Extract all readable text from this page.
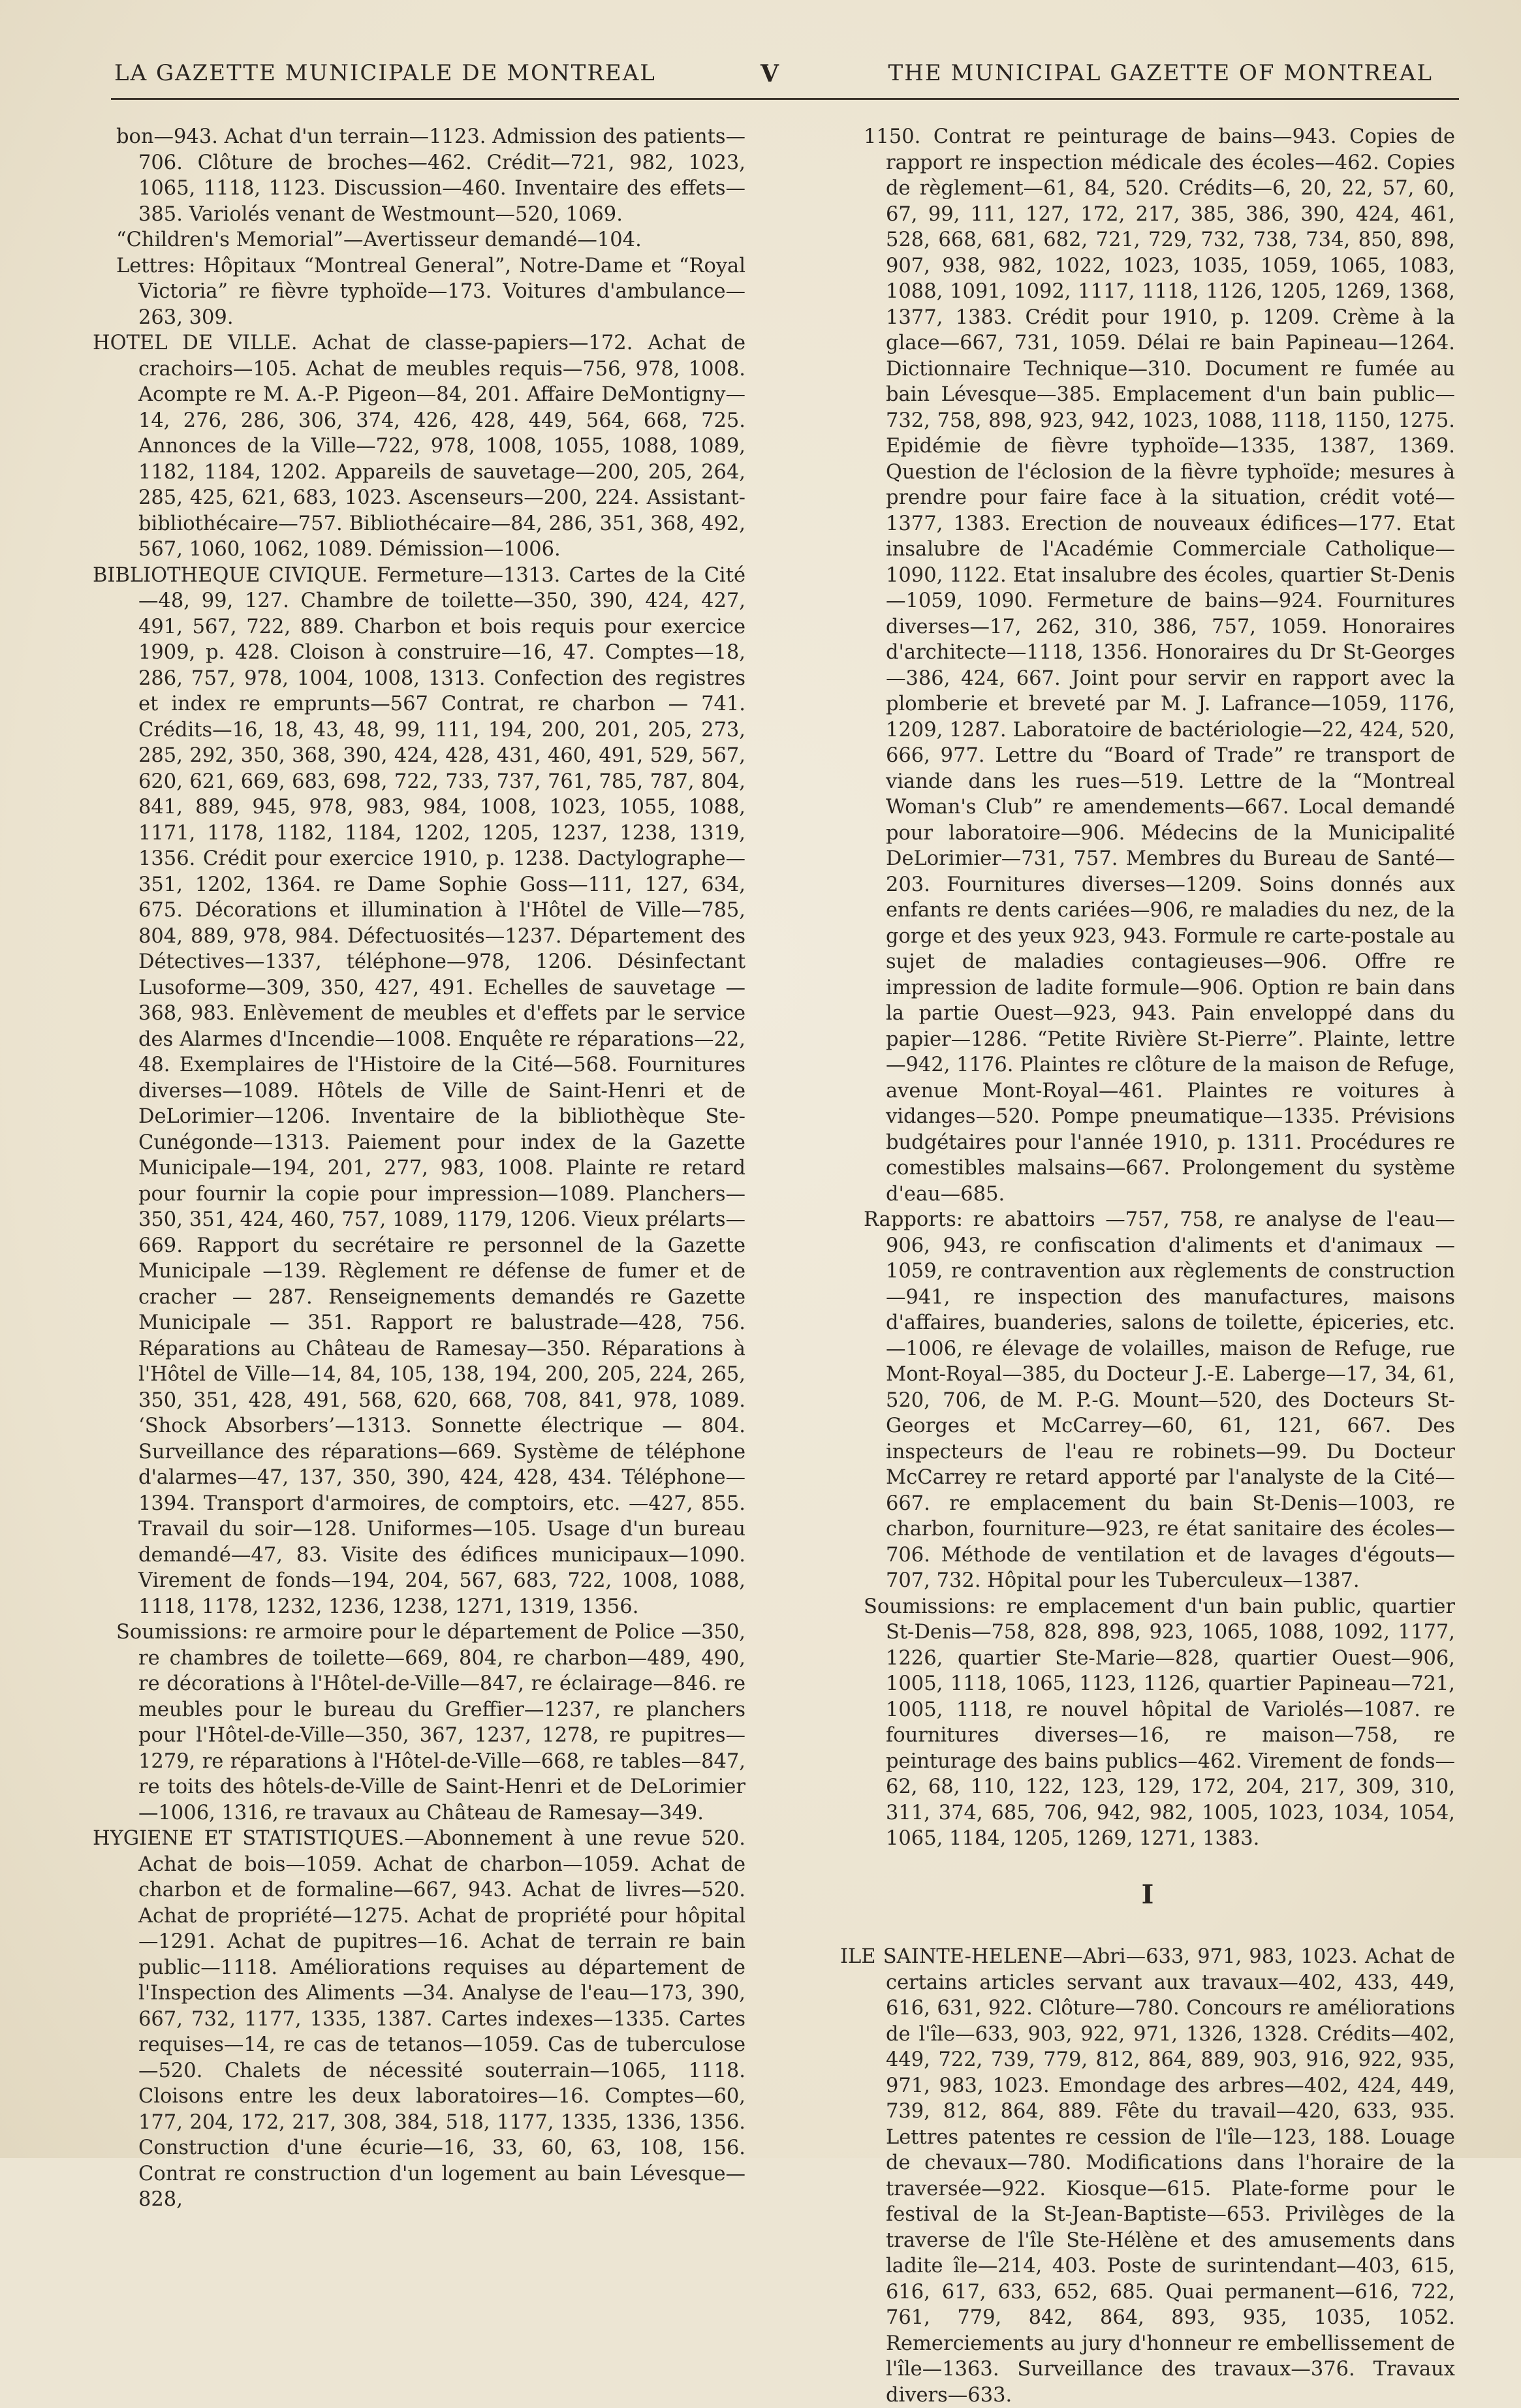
LA GAZETTE MUNICIPALE DE MONTREAL	V	THE MUNICIPAL GAZETTE OF MONTREAL

bon—943. Achat d'un terrain—1123. Admission des patients—706. Clôture de broches—462. Crédit—721, 982, 1023, 1065, 1118, 1123. Discussion—460. Inventaire des effets—385. Variolés venant de Westmount—520, 1069.

“Children's Memorial”—Avertisseur demandé—104.

Lettres: Hôpitaux “Montreal General”, Notre-Dame et “Royal Victoria” re fièvre typhoïde—173. Voitures d'ambulance—263, 309.

HOTEL DE VILLE. Achat de classe-papiers—172. Achat de crachoirs—105. Achat de meubles requis—756, 978, 1008. Acompte re M. A.-P. Pigeon—84, 201. Affaire DeMontigny—14, 276, 286, 306, 374, 426, 428, 449, 564, 668, 725. Annonces de la Ville—722, 978, 1008, 1055, 1088, 1089, 1182, 1184, 1202. Appareils de sauvetage—200, 205, 264, 285, 425, 621, 683, 1023. Ascenseurs—200, 224. Assistant-bibliothécaire—757. Bibliothécaire—84, 286, 351, 368, 492, 567, 1060, 1062, 1089. Démission—1006.

BIBLIOTHEQUE CIVIQUE. Fermeture—1313. Cartes de la Cité—48, 99, 127. Chambre de toilette—350, 390, 424, 427, 491, 567, 722, 889. Charbon et bois requis pour exercice 1909, p. 428. Cloison à construire—16, 47. Comptes—18, 286, 757, 978, 1004, 1008, 1313. Confection des registres et index re emprunts—567 Contrat, re charbon — 741. Crédits—16, 18, 43, 48, 99, 111, 194, 200, 201, 205, 273, 285, 292, 350, 368, 390, 424, 428, 431, 460, 491, 529, 567, 620, 621, 669, 683, 698, 722, 733, 737, 761, 785, 787, 804, 841, 889, 945, 978, 983, 984, 1008, 1023, 1055, 1088, 1171, 1178, 1182, 1184, 1202, 1205, 1237, 1238, 1319, 1356. Crédit pour exercice 1910, p. 1238. Dactylographe—351, 1202, 1364. re Dame Sophie Goss—111, 127, 634, 675. Décorations et illumination à l'Hôtel de Ville—785, 804, 889, 978, 984. Défectuosités—1237. Département des Détectives—1337, téléphone—978, 1206. Désinfectant Lusoforme—309, 350, 427, 491. Echelles de sauvetage —368, 983. Enlèvement de meubles et d'effets par le service des Alarmes d'Incendie—1008. Enquête re réparations—22, 48. Exemplaires de l'Histoire de la Cité—568. Fournitures diverses—1089. Hôtels de Ville de Saint-Henri et de DeLorimier—1206. Inventaire de la bibliothèque Ste-Cunégonde—1313. Paiement pour index de la Gazette Municipale—194, 201, 277, 983, 1008. Plainte re retard pour fournir la copie pour impression—1089. Planchers—350, 351, 424, 460, 757, 1089, 1179, 1206. Vieux prélarts—669. Rapport du secrétaire re personnel de la Gazette Municipale —139. Règlement re défense de fumer et de cracher — 287. Renseignements demandés re Gazette Municipale — 351. Rapport re balustrade—428, 756. Réparations au Château de Ramesay—350. Réparations à l'Hôtel de Ville—14, 84, 105, 138, 194, 200, 205, 224, 265, 350, 351, 428, 491, 568, 620, 668, 708, 841, 978, 1089. ‘Shock Absorbers’—1313. Sonnette électrique — 804. Surveillance des réparations—669. Système de téléphone d'alarmes—47, 137, 350, 390, 424, 428, 434. Téléphone—1394. Transport d'armoires, de comptoirs, etc. —427, 855. Travail du soir—128. Uniformes—105. Usage d'un bureau demandé—47, 83. Visite des édifices municipaux—1090. Virement de fonds—194, 204, 567, 683, 722, 1008, 1088, 1118, 1178, 1232, 1236, 1238, 1271, 1319, 1356.

Soumissions: re armoire pour le département de Police —350, re chambres de toilette—669, 804, re charbon—489, 490, re décorations à l'Hôtel-de-Ville—847, re éclairage—846. re meubles pour le bureau du Greffier—1237, re planchers pour l'Hôtel-de-Ville—350, 367, 1237, 1278, re pupitres—1279, re réparations à l'Hôtel-de-Ville—668, re tables—847, re toits des hôtels-de-Ville de Saint-Henri et de DeLorimier—1006, 1316, re travaux au Château de Ramesay—349.

HYGIENE ET STATISTIQUES.—Abonnement à une revue 520. Achat de bois—1059. Achat de charbon—1059. Achat de charbon et de formaline—667, 943. Achat de livres—520. Achat de propriété—1275. Achat de propriété pour hôpital—1291. Achat de pupitres—16. Achat de terrain re bain public—1118. Améliorations requises au département de l'Inspection des Aliments —34. Analyse de l'eau—173, 390, 667, 732, 1177, 1335, 1387. Cartes indexes—1335. Cartes requises—14, re cas de tetanos—1059. Cas de tuberculose—520. Chalets de nécessité souterrain—1065, 1118. Cloisons entre les deux laboratoires—16. Comptes—60, 177, 204, 172, 217, 308, 384, 518, 1177, 1335, 1336, 1356. Construction d'une écurie—16, 33, 60, 63, 108, 156. Contrat re construction d'un logement au bain Lévesque—828,

1150. Contrat re peinturage de bains—943. Copies de rapport re inspection médicale des écoles—462. Copies de règlement—61, 84, 520. Crédits—6, 20, 22, 57, 60, 67, 99, 111, 127, 172, 217, 385, 386, 390, 424, 461, 528, 668, 681, 682, 721, 729, 732, 738, 734, 850, 898, 907, 938, 982, 1022, 1023, 1035, 1059, 1065, 1083, 1088, 1091, 1092, 1117, 1118, 1126, 1205, 1269, 1368, 1377, 1383. Crédit pour 1910, p. 1209. Crème à la glace—667, 731, 1059. Délai re bain Papineau—1264. Dictionnaire Technique—310. Document re fumée au bain Lévesque—385. Emplacement d'un bain public—732, 758, 898, 923, 942, 1023, 1088, 1118, 1150, 1275. Epidémie de fièvre typhoïde—1335, 1387, 1369. Question de l'éclosion de la fièvre typhoïde; mesures à prendre pour faire face à la situation, crédit voté—1377, 1383. Erection de nouveaux édifices—177. Etat insalubre de l'Académie Commerciale Catholique—1090, 1122. Etat insalubre des écoles, quartier St-Denis—1059, 1090. Fermeture de bains—924. Fournitures diverses—17, 262, 310, 386, 757, 1059. Honoraires d'architecte—1118, 1356. Honoraires du Dr St-Georges—386, 424, 667. Joint pour servir en rapport avec la plomberie et breveté par M. J. Lafrance—1059, 1176, 1209, 1287. Laboratoire de bactériologie—22, 424, 520, 666, 977. Lettre du “Board of Trade” re transport de viande dans les rues—519. Lettre de la “Montreal Woman's Club” re amendements—667. Local demandé pour laboratoire—906. Médecins de la Municipalité DeLorimier—731, 757. Membres du Bureau de Santé—203. Fournitures diverses—1209. Soins donnés aux enfants re dents cariées—906, re maladies du nez, de la gorge et des yeux 923, 943. Formule re carte-postale au sujet de maladies contagieuses—906. Offre re impression de ladite formule—906. Option re bain dans la partie Ouest—923, 943. Pain enveloppé dans du papier—1286. “Petite Rivière St-Pierre”. Plainte, lettre—942, 1176. Plaintes re clôture de la maison de Refuge, avenue Mont-Royal—461. Plaintes re voitures à vidanges—520. Pompe pneumatique—1335. Prévisions budgétaires pour l'année 1910, p. 1311. Procédures re comestibles malsains—667. Prolongement du système d'eau—685.

Rapports: re abattoirs —757, 758, re analyse de l'eau—906, 943, re confiscation d'aliments et d'animaux — 1059, re contravention aux règlements de construction —941, re inspection des manufactures, maisons d'affaires, buanderies, salons de toilette, épiceries, etc.—1006, re élevage de volailles, maison de Refuge, rue Mont-Royal—385, du Docteur J.-E. Laberge—17, 34, 61, 520, 706, de M. P.-G. Mount—520, des Docteurs St-Georges et McCarrey—60, 61, 121, 667. Des inspecteurs de l'eau re robinets—99. Du Docteur McCarrey re retard apporté par l'analyste de la Cité—667. re emplacement du bain St-Denis—1003, re charbon, fourniture—923, re état sanitaire des écoles—706. Méthode de ventilation et de lavages d'égouts—707, 732. Hôpital pour les Tuberculeux—1387.

Soumissions: re emplacement d'un bain public, quartier St-Denis—758, 828, 898, 923, 1065, 1088, 1092, 1177, 1226, quartier Ste-Marie—828, quartier Ouest—906, 1005, 1118, 1065, 1123, 1126, quartier Papineau—721, 1005, 1118, re nouvel hôpital de Variolés—1087. re fournitures diverses—16, re maison—758, re peinturage des bains publics—462. Virement de fonds—62, 68, 110, 122, 123, 129, 172, 204, 217, 309, 310, 311, 374, 685, 706, 942, 982, 1005, 1023, 1034, 1054, 1065, 1184, 1205, 1269, 1271, 1383.

I

ILE SAINTE-HELENE—Abri—633, 971, 983, 1023. Achat de certains articles servant aux travaux—402, 433, 449, 616, 631, 922. Clôture—780. Concours re améliorations de l'île—633, 903, 922, 971, 1326, 1328. Crédits—402, 449, 722, 739, 779, 812, 864, 889, 903, 916, 922, 935, 971, 983, 1023. Emondage des arbres—402, 424, 449, 739, 812, 864, 889. Fête du travail—420, 633, 935. Lettres patentes re cession de l'île—123, 188. Louage de chevaux—780. Modifications dans l'horaire de la traversée—922. Kiosque—615. Plate-forme pour le festival de la St-Jean-Baptiste—653. Privilèges de la traverse de l'île Ste-Hélène et des amusements dans ladite île—214, 403. Poste de surintendant—403, 615, 616, 617, 633, 652, 685. Quai permanent—616, 722, 761, 779, 842, 864, 893, 935, 1035, 1052. Remerciements au jury d'honneur re embellissement de l'île—1363. Surveillance des travaux—376. Travaux divers—633.
